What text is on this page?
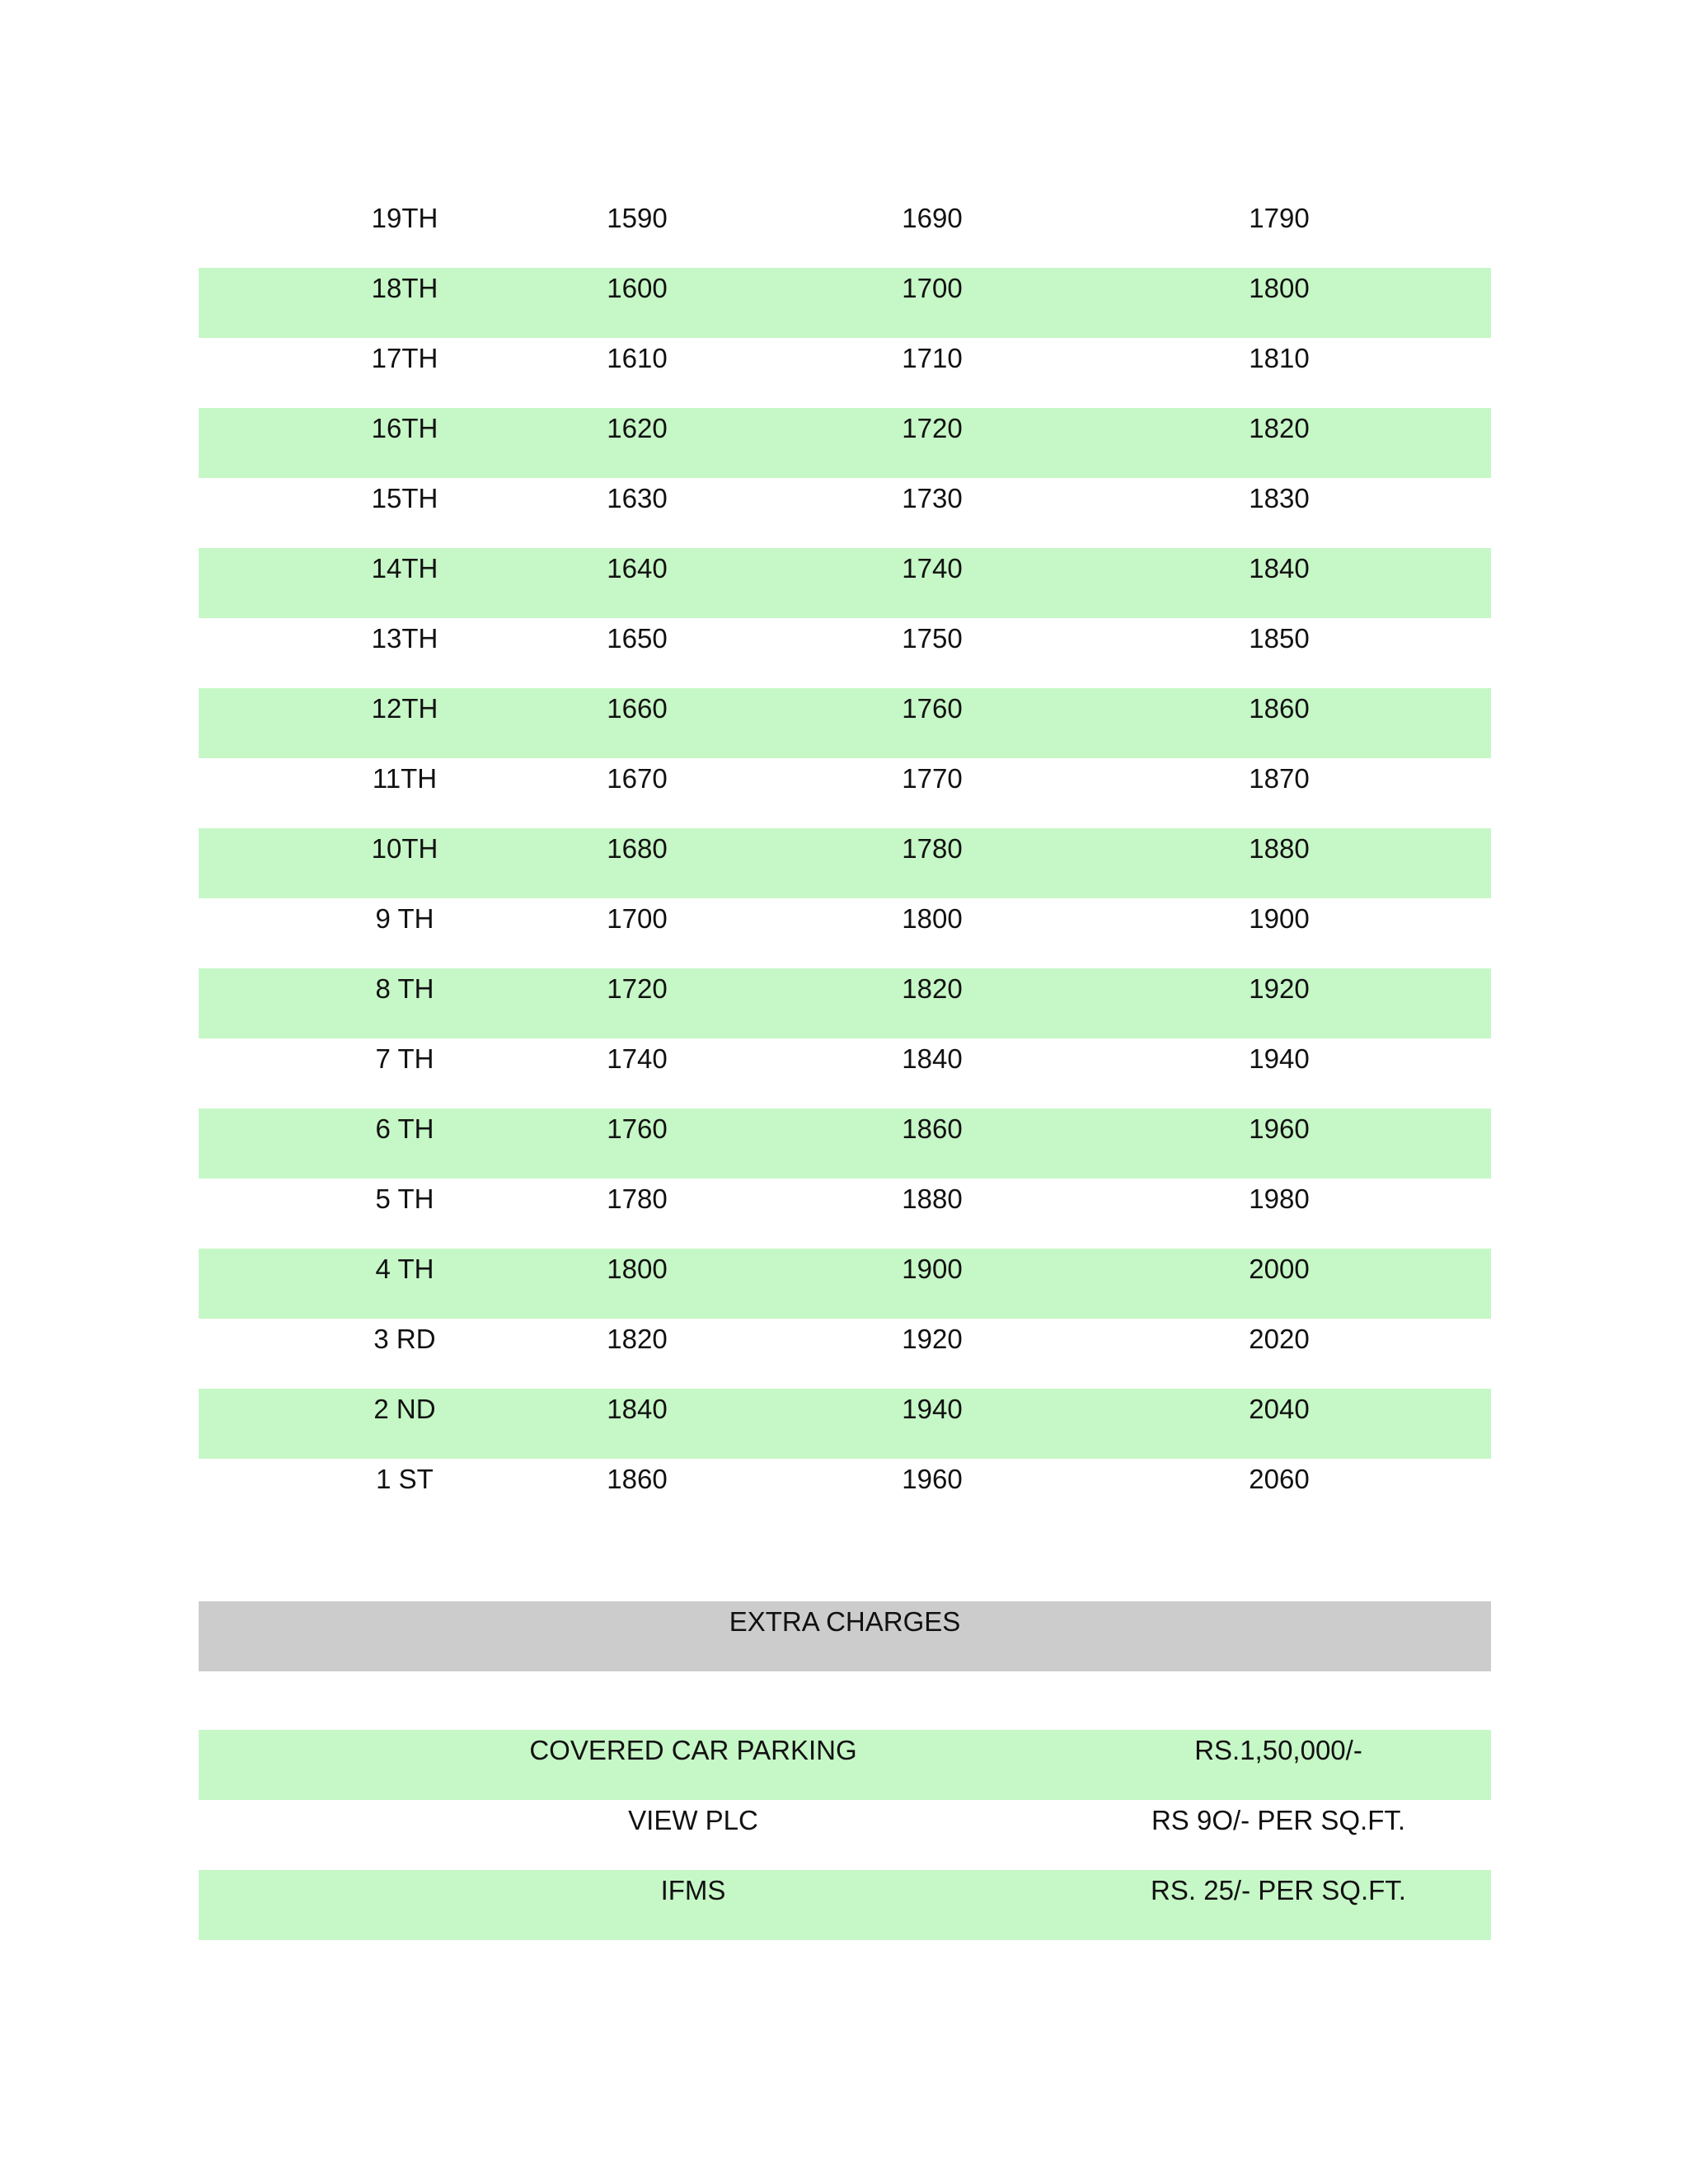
19TH	1590	1690	1790
18TH	1600	1700	1800
17TH	1610	1710	1810
16TH	1620	1720	1820
15TH	1630	1730	1830
14TH	1640	1740	1840
13TH	1650	1750	1850
12TH	1660	1760	1860
11TH	1670	1770	1870
10TH	1680	1780	1880
9 TH	1700	1800	1900
8 TH	1720	1820	1920
7 TH	1740	1840	1940
6 TH	1760	1860	1960
5 TH	1780	1880	1980
4 TH	1800	1900	2000
3 RD	1820	1920	2020
2 ND	1840	1940	2040
1 ST	1860	1960	2060
EXTRA CHARGES
COVERED CAR PARKING	RS.1,50,000/-
VIEW PLC	RS 9O/- PER SQ.FT.
IFMS	RS. 25/- PER SQ.FT.
